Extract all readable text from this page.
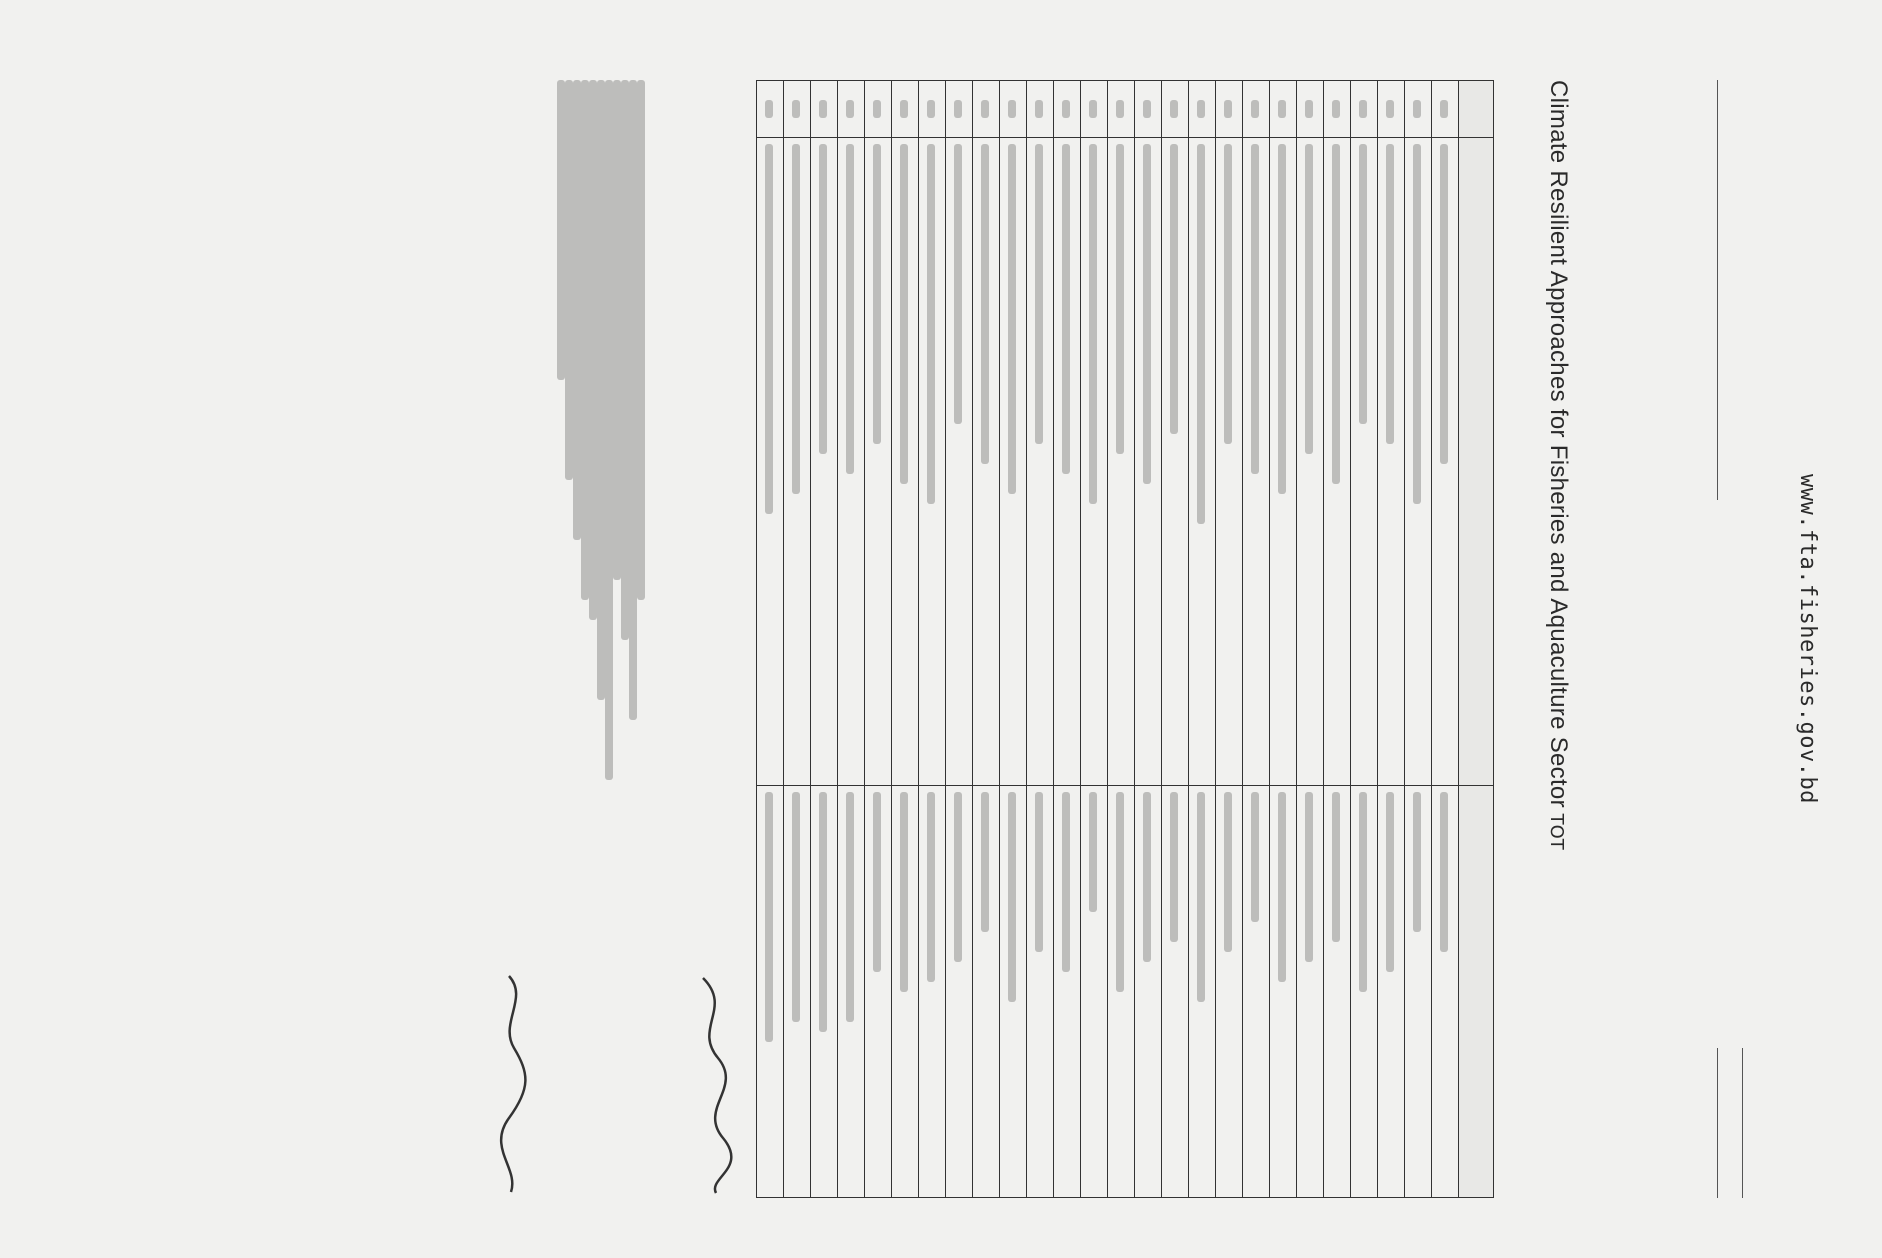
www.fta.fisheries.gov.bd
Climate Resilient Approaches for Fisheries and Aquaculture Sector TOT
